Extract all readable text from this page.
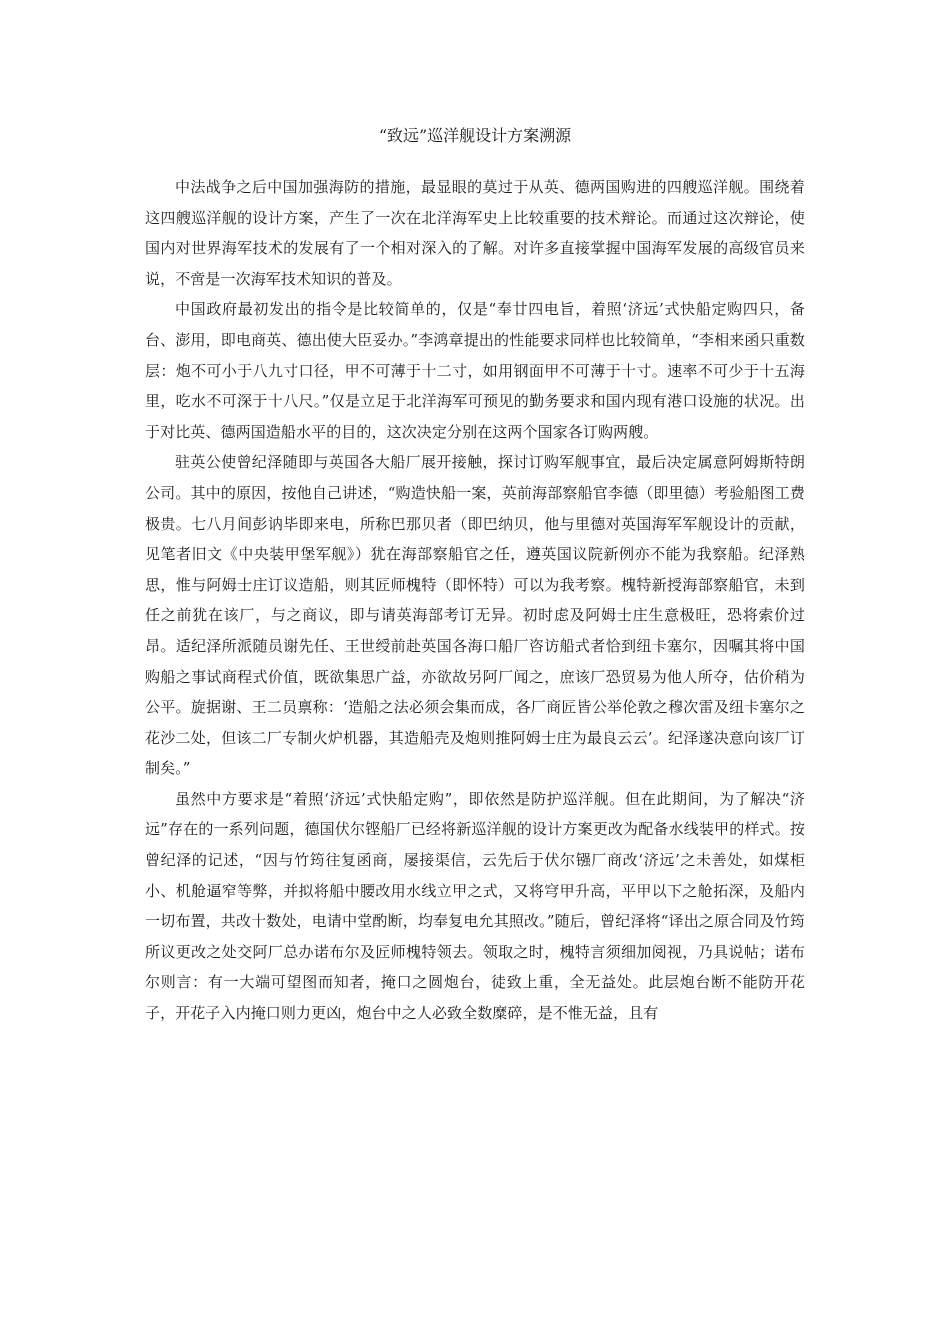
“致远”巡洋舰设计方案溯源

中法战争之后中国加强海防的措施，最显眼的莫过于从英、德两国购进的四艘巡洋舰。围绕着这四艘巡洋舰的设计方案，产生了一次在北洋海军史上比较重要的技术辩论。而通过这次辩论，使国内对世界海军技术的发展有了一个相对深入的了解。对许多直接掌握中国海军发展的高级官员来说，不啻是一次海军技术知识的普及。

中国政府最初发出的指令是比较简单的，仅是“奉廿四电旨，着照‘济远’式快船定购四只，备台、澎用，即电商英、德出使大臣妥办。”李鸿章提出的性能要求同样也比较简单，“李相来函只重数层：炮不可小于八九寸口径，甲不可薄于十二寸，如用钢面甲不可薄于十寸。速率不可少于十五海里，吃水不可深于十八尺。”仅是立足于北洋海军可预见的勤务要求和国内现有港口设施的状况。出于对比英、德两国造船水平的目的，这次决定分别在这两个国家各订购两艘。

驻英公使曾纪泽随即与英国各大船厂展开接触，探讨订购军舰事宜，最后决定属意阿姆斯特朗公司。其中的原因，按他自己讲述，“购造快船一案，英前海部察船官李德（即里德）考验船图工费极贵。七八月间彭讷毕即来电，所称巴那贝者（即巴纳贝，他与里德对英国海军军舰设计的贡献，见笔者旧文《中央装甲堡军舰》）犹在海部察船官之任，遵英国议院新例亦不能为我察船。纪泽熟思，惟与阿姆士庄订议造船，则其匠师槐特（即怀特）可以为我考察。槐特新授海部察船官，未到任之前犹在该厂，与之商议，即与请英海部考订无异。初时虑及阿姆士庄生意极旺，恐将索价过昂。适纪泽所派随员谢先任、王世绶前赴英国各海口船厂咨访船式者恰到纽卡塞尔，因嘱其将中国购船之事试商程式价值，既欲集思广益，亦欲故另阿厂闻之，庶该厂恐贸易为他人所夺，估价稍为公平。旋据谢、王二员禀称：‘造船之法必须会集而成，各厂商匠皆公举伦敦之穆次雷及纽卡塞尔之花沙二处，但该二厂专制火炉机器，其造船壳及炮则推阿姆士庄为最良云云’。纪泽遂决意向该厂订制矣。”

虽然中方要求是“着照‘济远’式快船定购”，即依然是防护巡洋舰。但在此期间，为了解决“济远”存在的一系列问题，德国伏尔铿船厂已经将新巡洋舰的设计方案更改为配备水线装甲的样式。按曾纪泽的记述，“因与竹筠往复函商，屡接渠信，云先后于伏尔镪厂商改‘济远’之未善处，如煤柜小、机舱逼窄等弊，并拟将船中腰改用水线立甲之式，又将穹甲升高，平甲以下之舱拓深，及船内一切布置，共改十数处，电请中堂酌断，均奉复电允其照改。”随后，曾纪泽将“译出之原合同及竹筠所议更改之处交阿厂总办诺布尔及匠师槐特领去。领取之时，槐特言须细加阅视，乃具说帖；诺布尔则言：有一大端可望图而知者，掩口之圆炮台，徒致上重，全无益处。此层炮台断不能防开花子，开花子入内掩口则力更凶，炮台中之人必致全数糜碎，是不惟无益，且有
